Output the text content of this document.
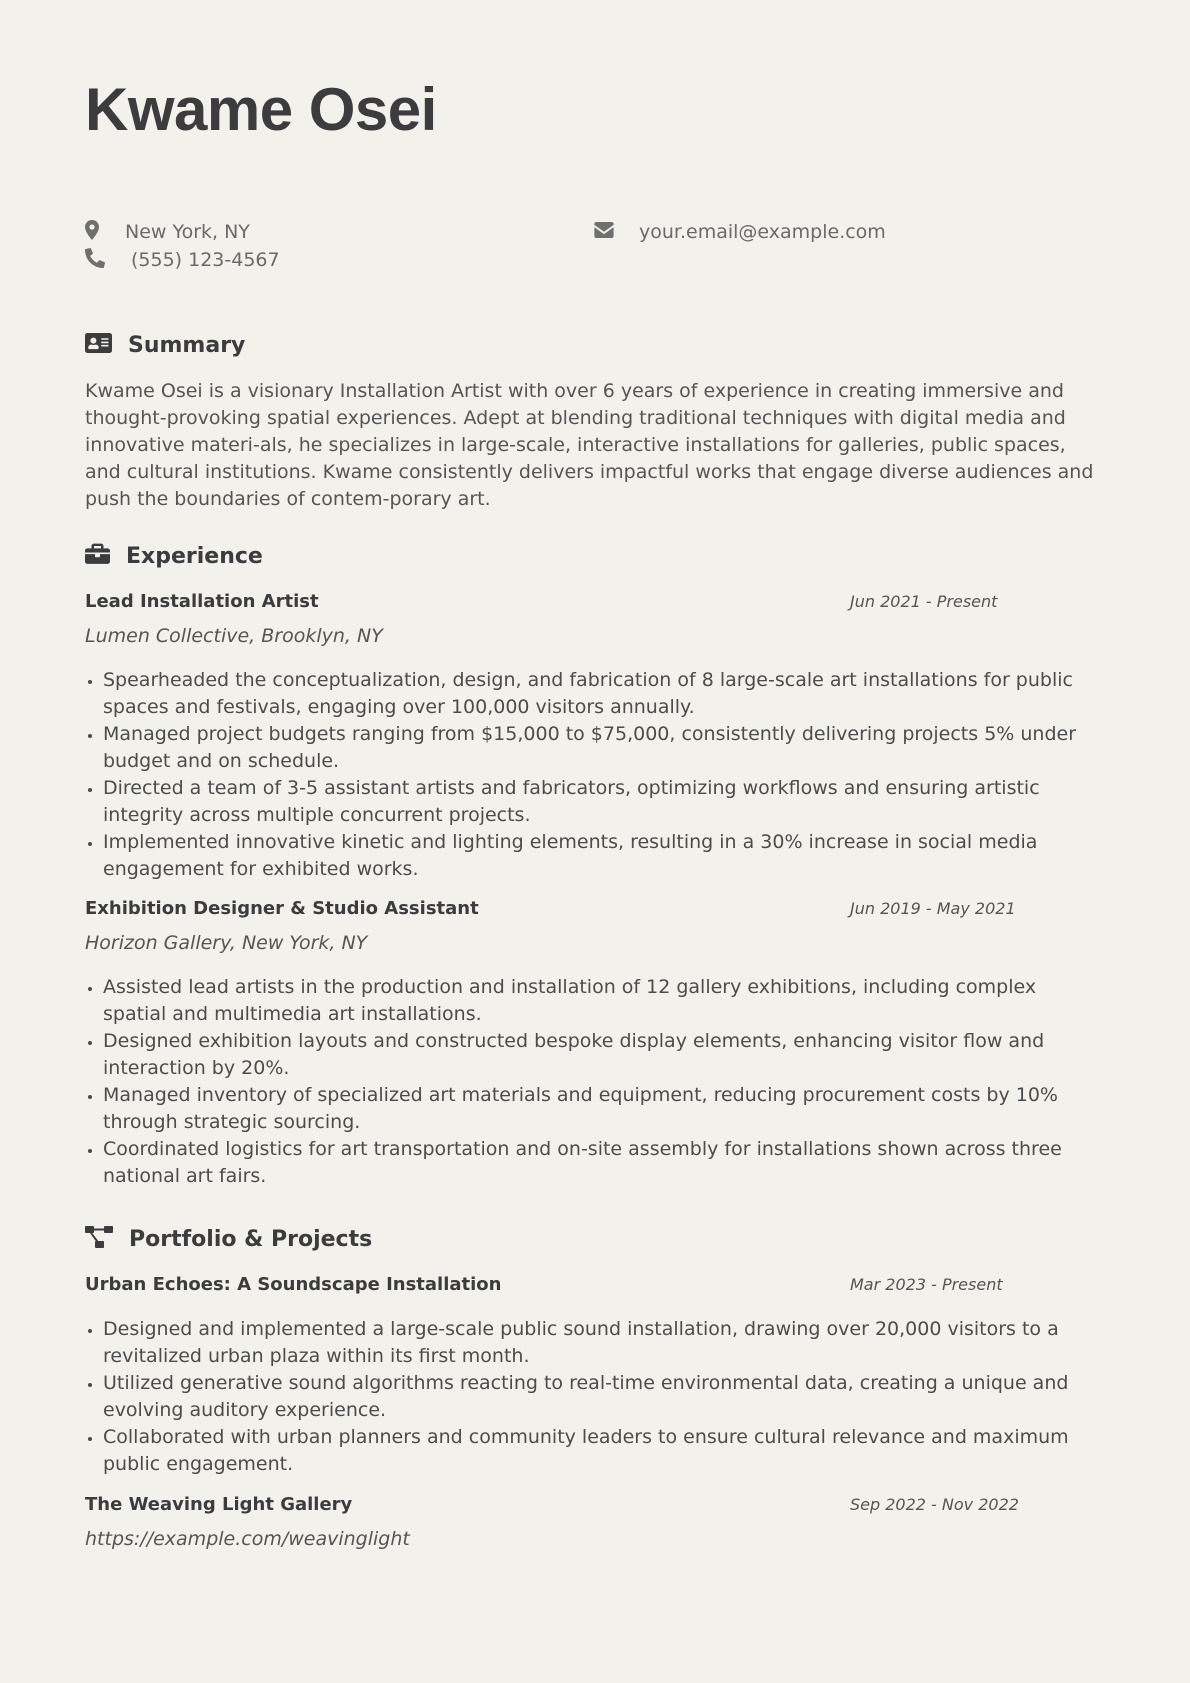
Kwame Osei
New York, NY
(555) 123-4567
your.email@example.com
Summary

Kwame Osei is a visionary Installation Artist with over 6 years of experience in creating immersive and thought-provoking spatial experiences. Adept at blending traditional techniques with digital media and innovative materi-als, he specializes in large-scale, interactive installations for galleries, public spaces, and cultural institutions. Kwame consistently delivers impactful works that engage diverse audiences and push the boundaries of contem-porary art.

Experience
Lead Installation Artist	Jun 2021 - Present
Lumen Collective, Brooklyn, NY
• Spearheaded the conceptualization, design, and fabrication of 8 large-scale art installations for public spaces and festivals, engaging over 100,000 visitors annually.
• Managed project budgets ranging from $15,000 to $75,000, consistently delivering projects 5% under budget and on schedule.
• Directed a team of 3-5 assistant artists and fabricators, optimizing workflows and ensuring artistic integrity across multiple concurrent projects.
• Implemented innovative kinetic and lighting elements, resulting in a 30% increase in social media engagement for exhibited works.
Exhibition Designer & Studio Assistant	Jun 2019 - May 2021
Horizon Gallery, New York, NY
• Assisted lead artists in the production and installation of 12 gallery exhibitions, including complex spatial and multimedia art installations.
• Designed exhibition layouts and constructed bespoke display elements, enhancing visitor flow and interaction by 20%.
• Managed inventory of specialized art materials and equipment, reducing procurement costs by 10% through strategic sourcing.
• Coordinated logistics for art transportation and on-site assembly for installations shown across three national art fairs.
Portfolio & Projects
Urban Echoes: A Soundscape Installation	Mar 2023 - Present
• Designed and implemented a large-scale public sound installation, drawing over 20,000 visitors to a revitalized urban plaza within its first month.
• Utilized generative sound algorithms reacting to real-time environmental data, creating a unique and evolving auditory experience.
• Collaborated with urban planners and community leaders to ensure cultural relevance and maximum public engagement.
The Weaving Light Gallery	Sep 2022 - Nov 2022
https://example.com/weavinglight
